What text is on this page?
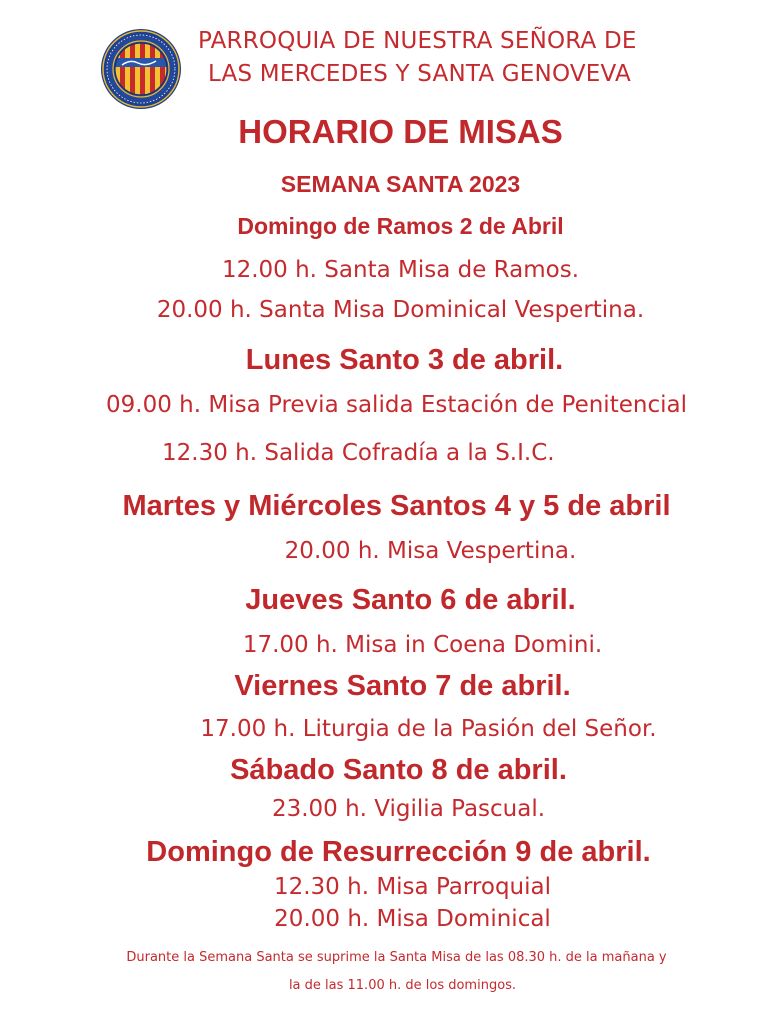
PARROQUIA DE NUESTRA SEÑORA DE
LAS MERCEDES Y SANTA GENOVEVA
HORARIO DE MISAS
SEMANA SANTA 2023
Domingo de Ramos 2 de Abril
12.00 h. Santa Misa de Ramos.
20.00 h. Santa Misa Dominical Vespertina.
Lunes Santo 3 de abril.
09.00 h. Misa Previa salida Estación de Penitencial
12.30 h. Salida Cofradía a la S.I.C.
Martes y Miércoles Santos 4 y 5 de abril
20.00 h. Misa Vespertina.
Jueves Santo 6 de abril.
17.00 h. Misa in Coena Domini.
Viernes Santo 7 de abril.
17.00 h. Liturgia de la Pasión del Señor.
Sábado Santo 8 de abril.
23.00 h. Vigilia Pascual.
Domingo de Resurrección 9 de abril.
12.30 h. Misa Parroquial
20.00 h. Misa Dominical
Durante la Semana Santa se suprime la Santa Misa de las 08.30 h. de la mañana y
la de las 11.00 h. de los domingos.
